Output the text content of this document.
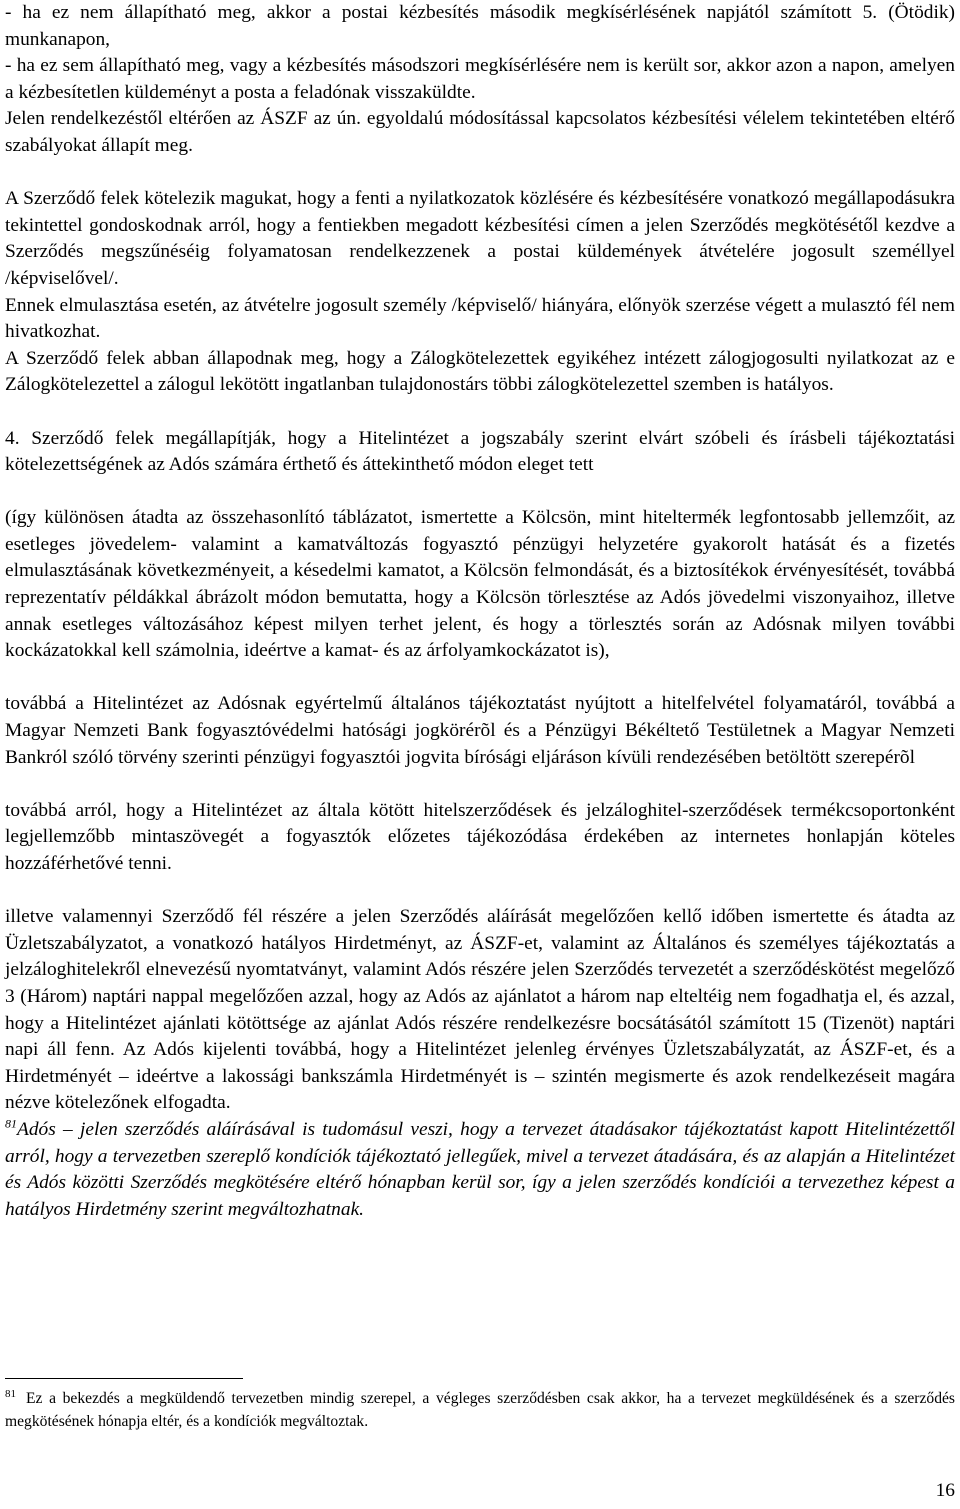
- ha ez nem állapítható meg, akkor a postai kézbesítés második megkísérlésének napjától számított 5. (Ötödik) munkanapon,

- ha ez sem állapítható meg, vagy a kézbesítés másodszori megkísérlésére nem is került sor, akkor azon a napon, amelyen a kézbesítetlen küldeményt a posta a feladónak visszaküldte.

Jelen rendelkezéstől eltérően az ÁSZF az ún. egyoldalú módosítással kapcsolatos kézbesítési vélelem tekintetében eltérő szabályokat állapít meg.

A Szerződő felek kötelezik magukat, hogy a fenti a nyilatkozatok közlésére és kézbesítésére vonatkozó megállapodásukra tekintettel gondoskodnak arról, hogy a fentiekben megadott kézbesítési címen a jelen Szerződés megkötésétől kezdve a Szerződés megszűnéséig folyamatosan rendelkezzenek a postai küldemények átvételére jogosult személlyel /képviselővel/.

Ennek elmulasztása esetén, az átvételre jogosult személy /képviselő/ hiányára, előnyök szerzése végett a mulasztó fél nem hivatkozhat.

A Szerződő felek abban állapodnak meg, hogy a Zálogkötelezettek egyikéhez intézett zálogjogosulti nyilatkozat az e Zálogkötelezettel a zálogul lekötött ingatlanban tulajdonostárs többi zálogkötelezettel szemben is hatályos.

4. Szerződő felek megállapítják, hogy a Hitelintézet a jogszabály szerint elvárt szóbeli és írásbeli tájékoztatási kötelezettségének az Adós számára érthető és áttekinthető módon eleget tett

(így különösen átadta az összehasonlító táblázatot, ismertette a Kölcsön, mint hiteltermék legfontosabb jellemzőit, az esetleges jövedelem- valamint a kamatváltozás fogyasztó pénzügyi helyzetére gyakorolt hatását és a fizetés elmulasztásának következményeit, a késedelmi kamatot, a Kölcsön felmondását, és a biztosítékok érvényesítését, továbbá reprezentatív példákkal ábrázolt módon bemutatta, hogy a Kölcsön törlesztése az Adós jövedelmi viszonyaihoz, illetve annak esetleges változásához képest milyen terhet jelent, és hogy a törlesztés során az Adósnak milyen további kockázatokkal kell számolnia, ideértve a kamat- és az árfolyamkockázatot is),

továbbá a Hitelintézet az Adósnak egyértelmű általános tájékoztatást nyújtott a hitelfelvétel folyamatáról, továbbá a Magyar Nemzeti Bank fogyasztóvédelmi hatósági jogkörérõl és a Pénzügyi Békéltető Testületnek a Magyar Nemzeti Bankról szóló törvény szerinti pénzügyi fogyasztói jogvita bírósági eljáráson kívüli rendezésében betöltött szerepérõl

továbbá arról, hogy a Hitelintézet az általa kötött hitelszerződések és jelzáloghitel-szerződések termékcsoportonként legjellemzőbb mintaszövegét a fogyasztók előzetes tájékozódása érdekében az internetes honlapján köteles hozzáférhetővé tenni.

illetve valamennyi Szerződő fél részére a jelen Szerződés aláírását megelőzően kellő időben ismertette és átadta az Üzletszabályzatot, a vonatkozó hatályos Hirdetményt, az ÁSZF-et, valamint az Általános és személyes tájékoztatás a jelzáloghitelekről elnevezésű nyomtatványt, valamint Adós részére jelen Szerződés tervezetét a szerződéskötést megelőző 3 (Három) naptári nappal megelőzően azzal, hogy az Adós az ajánlatot a három nap elteltéig nem fogadhatja el, és azzal, hogy a Hitelintézet ajánlati kötöttsége az ajánlat Adós részére rendelkezésre bocsátásától számított 15 (Tizenöt) naptári napi áll fenn. Az Adós kijelenti továbbá, hogy a Hitelintézet jelenleg érvényes Üzletszabályzatát, az ÁSZF-et, és a Hirdetményét – ideértve a lakossági bankszámla Hirdetményét is – szintén megismerte és azok rendelkezéseit magára nézve kötelezőnek elfogadta.

$^{81}$Adós – jelen szerződés aláírásával is tudomásul veszi, hogy a tervezet átadásakor tájékoztatást kapott Hitelintézettől arról, hogy a tervezetben szereplő kondíciók tájékoztató jellegűek, mivel a tervezet átadására, és az alapján a Hitelintézet és Adós közötti Szerződés megkötésére eltérő hónapban kerül sor, így a jelen szerződés kondíciói a tervezethez képest a hatályos Hirdetmény szerint megváltozhatnak.

$^{81}$ Ez a bekezdés a megküldendő tervezetben mindig szerepel, a végleges szerződésben csak akkor, ha a tervezet megküldésének és a szerződés megkötésének hónapja eltér, és a kondíciók megváltoztak.
16
